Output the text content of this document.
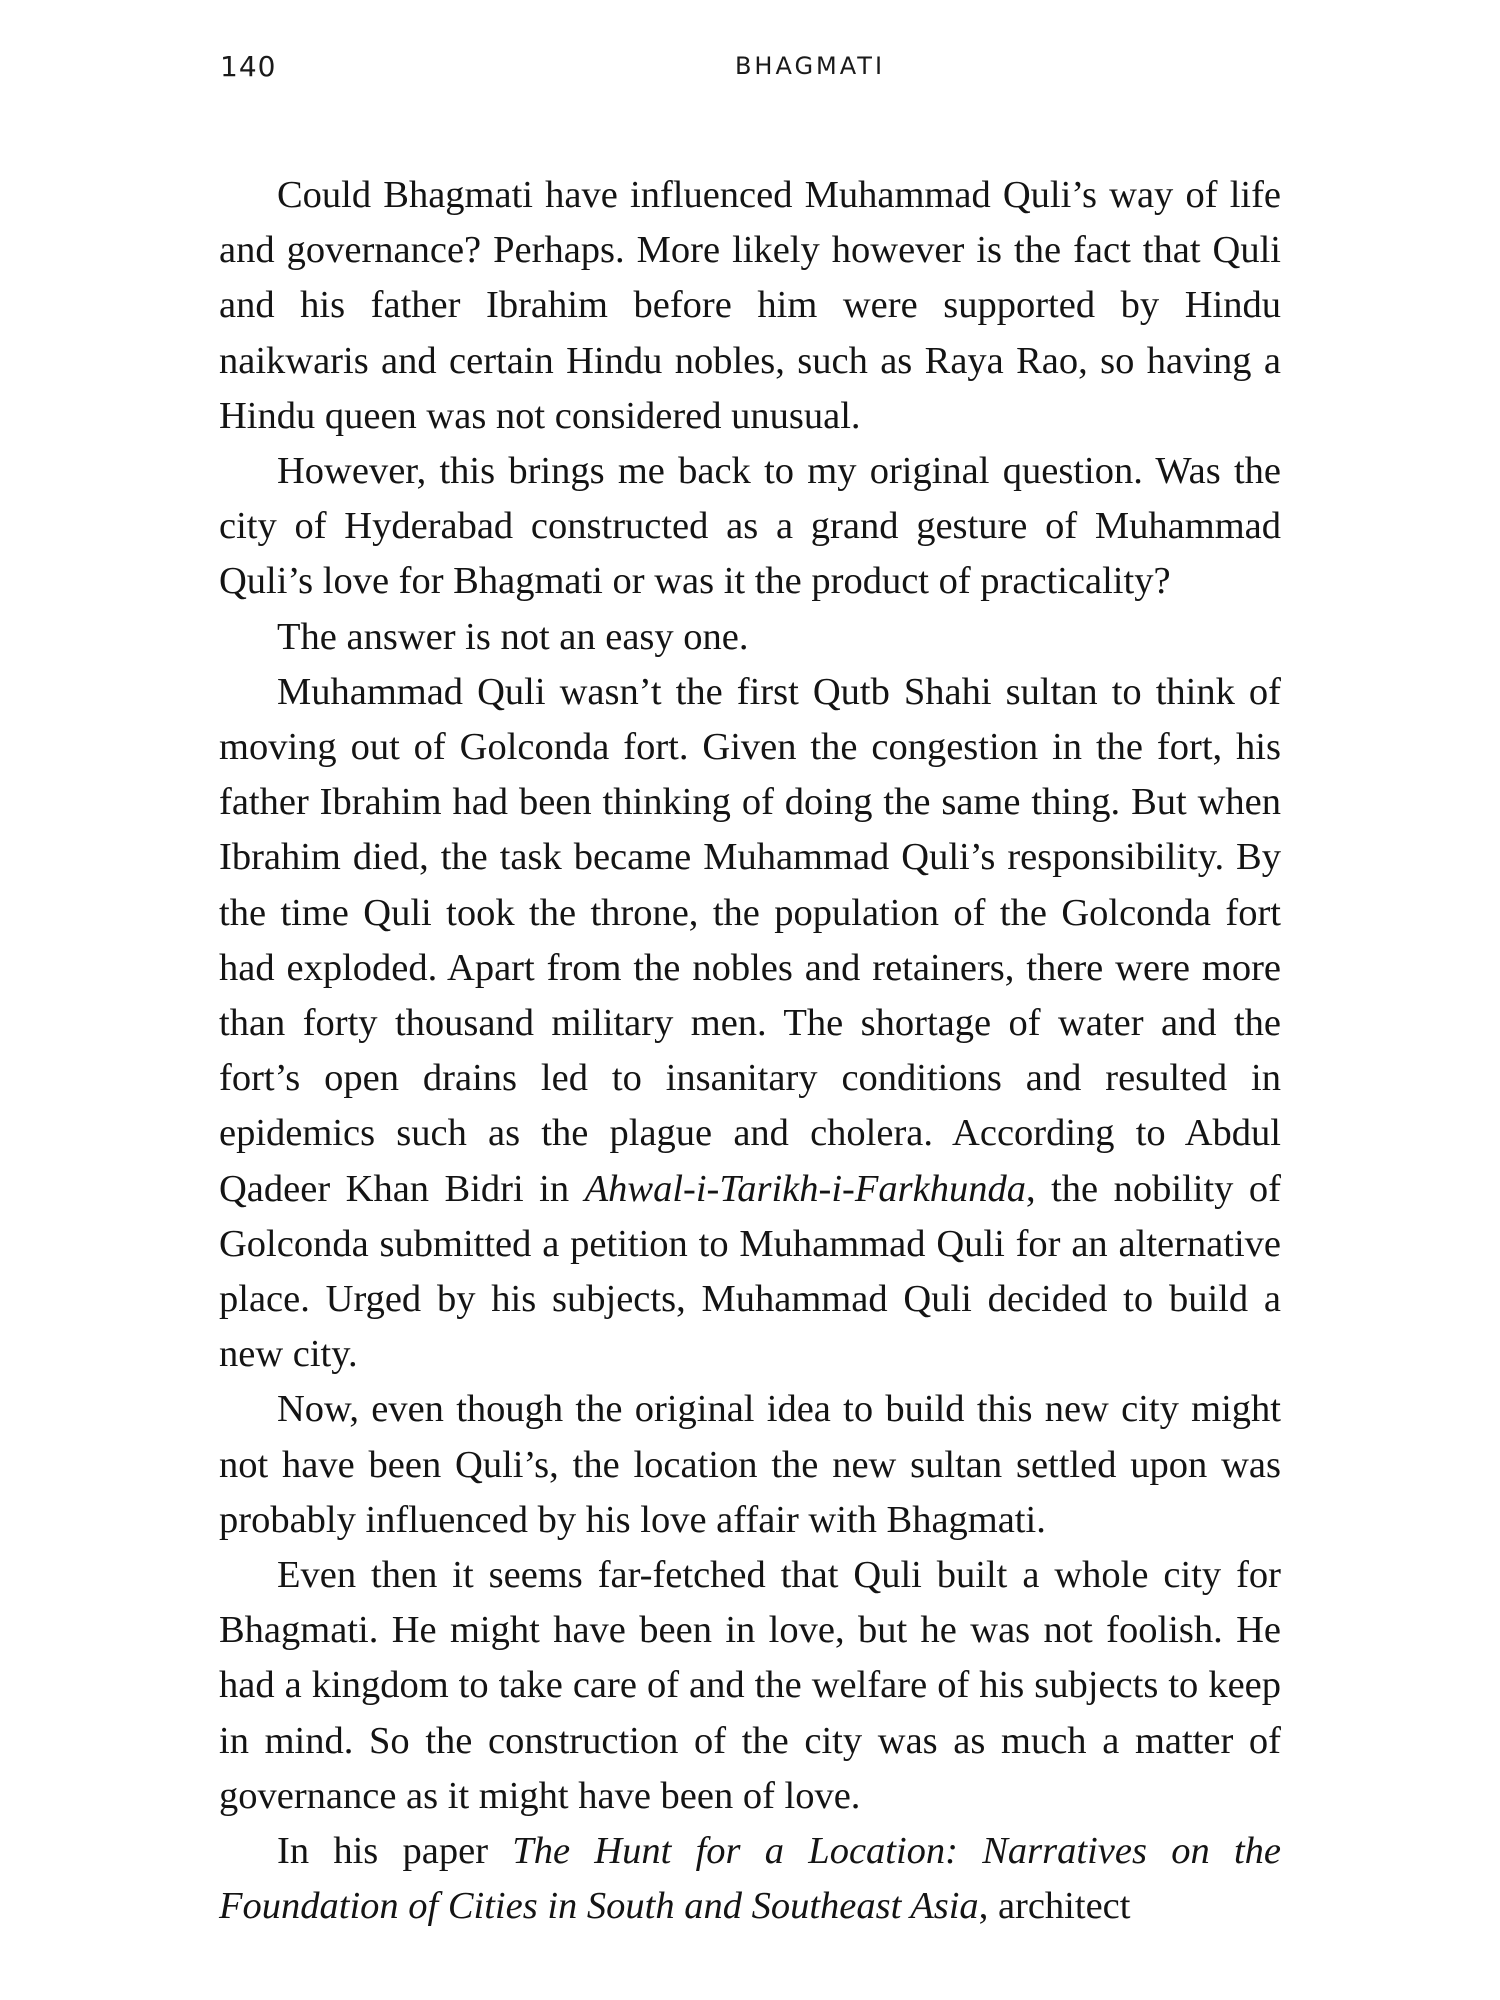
140	BHAGMATI

Could Bhagmati have influenced Muhammad Quli’s way of life and governance? Perhaps. More likely however is the fact that Quli and his father Ibrahim before him were supported by Hindu naikwaris and certain Hindu nobles, such as Raya Rao, so having a Hindu queen was not considered unusual.

However, this brings me back to my original question. Was the city of Hyderabad constructed as a grand gesture of Muhammad Quli’s love for Bhagmati or was it the product of practicality?

The answer is not an easy one.

Muhammad Quli wasn’t the first Qutb Shahi sultan to think of moving out of Golconda fort. Given the congestion in the fort, his father Ibrahim had been thinking of doing the same thing. But when Ibrahim died, the task became Muhammad Quli’s responsibility. By the time Quli took the throne, the population of the Golconda fort had exploded. Apart from the nobles and retainers, there were more than forty thousand military men. The shortage of water and the fort’s open drains led to insanitary conditions and resulted in epidemics such as the plague and cholera. According to Abdul Qadeer Khan Bidri in Ahwal-i-Tarikh-i-Farkhunda, the nobility of Golconda submitted a petition to Muhammad Quli for an alternative place. Urged by his subjects, Muhammad Quli decided to build a new city.

Now, even though the original idea to build this new city might not have been Quli’s, the location the new sultan settled upon was probably influenced by his love affair with Bhagmati.

Even then it seems far-fetched that Quli built a whole city for Bhagmati. He might have been in love, but he was not foolish. He had a kingdom to take care of and the welfare of his subjects to keep in mind. So the construction of the city was as much a matter of governance as it might have been of love.

In his paper The Hunt for a Location: Narratives on the Foundation of Cities in South and Southeast Asia, architect
